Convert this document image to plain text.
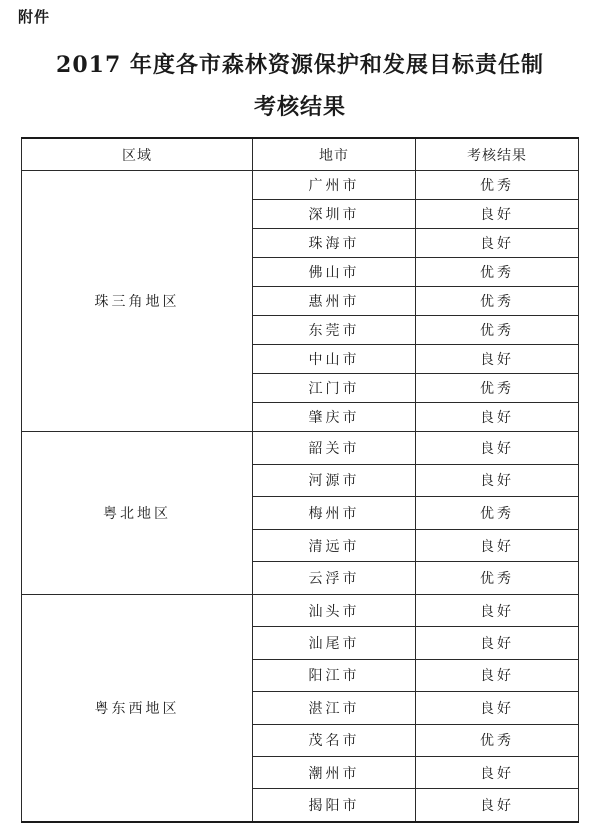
附件
2017 年度各市森林资源保护和发展目标责任制
考核结果
区域	地市	考核结果
珠三角地区	广州市	优秀
	深圳市	良好
	珠海市	良好
	佛山市	优秀
	惠州市	优秀
	东莞市	优秀
	中山市	良好
	江门市	优秀
	肇庆市	良好
粤北地区	韶关市	良好
	河源市	良好
	梅州市	优秀
	清远市	良好
	云浮市	优秀
粤东西地区	汕头市	良好
	汕尾市	良好
	阳江市	良好
	湛江市	良好
	茂名市	优秀
	潮州市	良好
	揭阳市	良好
